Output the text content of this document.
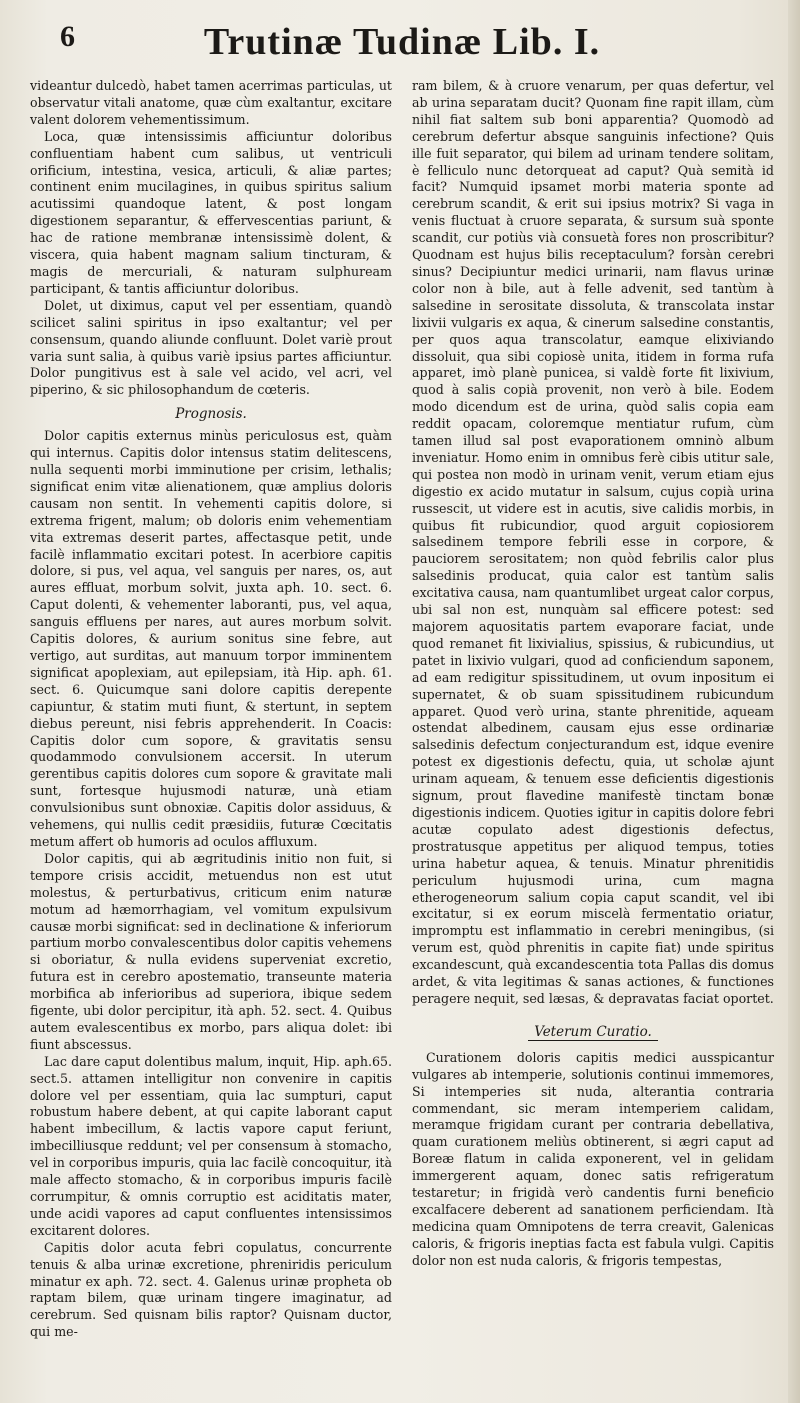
6	Trutinæ Tudinæ Lib. I.

videantur dulcedò, habet tamen acerrimas particulas, ut observatur vitali anatome, quæ cùm exaltantur, excitare valent dolorem vehementissimum.

Loca, quæ intensissimis afficiuntur doloribus confluentiam habent cum salibus, ut ventriculi orificium, intestina, vesica, articuli, & aliæ partes; continent enim mucilagines, in quibus spiritus salium acutissimi quandoque latent, & post longam digestionem separantur, & effervescentias pariunt, & hac de ratione membranæ intensissimè dolent, & viscera, quia habent magnam salium tincturam, & magis de mercuriali, & naturam sulphuream participant, & tantis afficiuntur doloribus.

Dolet, ut diximus, caput vel per essentiam, quandò scilicet salini spiritus in ipso exaltantur; vel per consensum, quando aliunde confluunt. Dolet variè prout varia sunt salia, à quibus variè ipsius partes afficiuntur. Dolor pungitivus est à sale vel acido, vel acri, vel piperino, & sic philosophandum de cœteris.

Prognosis.

Dolor capitis externus minùs periculosus est, quàm qui internus. Capitis dolor intensus statim delitescens, nulla sequenti morbi imminutione per crisim, lethalis; significat enim vitæ alienationem, quæ amplius doloris causam non sentit. In vehementi capitis dolore, si extrema frigent, malum; ob doloris enim vehementiam vita extremas deserit partes, affectasque petit, unde facilè inflammatio excitari potest. In acerbiore capitis dolore, si pus, vel aqua, vel sanguis per nares, os, aut aures effluat, morbum solvit, juxta aph. 10. sect. 6. Caput dolenti, & vehementer laboranti, pus, vel aqua, sanguis effluens per nares, aut aures morbum solvit. Capitis dolores, & aurium sonitus sine febre, aut vertigo, aut surditas, aut manuum torpor imminentem significat apoplexiam, aut epilepsiam, ità Hip. aph. 61. sect. 6. Quicumque sani dolore capitis derepente capiuntur, & statim muti fiunt, & stertunt, in septem diebus pereunt, nisi febris apprehenderit. In Coacis: Capitis dolor cum sopore, & gravitatis sensu quodammodo convulsionem accersit. In uterum gerentibus capitis dolores cum sopore & gravitate mali sunt, fortesque hujusmodi naturæ, unà etiam convulsionibus sunt obnoxiæ. Capitis dolor assiduus, & vehemens, qui nullis cedit præsidiis, futuræ Cœcitatis metum affert ob humoris ad oculos affluxum.

Dolor capitis, qui ab ægritudinis initio non fuit, si tempore crisis accidit, metuendus non est utut molestus, & perturbativus, criticum enim naturæ motum ad hæmorrhagiam, vel vomitum expulsivum causæ morbi significat: sed in declinatione & inferiorum partium morbo convalescentibus dolor capitis vehemens si oboriatur, & nulla evidens superveniat excretio, futura est in cerebro apostematio, transeunte materia morbifica ab inferioribus ad superiora, ibique sedem figente, ubi dolor percipitur, ità aph. 52. sect. 4. Quibus autem evalescentibus ex morbo, pars aliqua dolet: ibi fiunt abscessus.

Lac dare caput dolentibus malum, inquit, Hip. aph.65. sect.5. attamen intelligitur non convenire in capitis dolore vel per essentiam, quia lac sumpturi, caput robustum habere debent, at qui capite laborant caput habent imbecillum, & lactis vapore caput feriunt, imbecilliusque reddunt; vel per consensum à stomacho, vel in corporibus impuris, quia lac facilè concoquitur, ità male affecto stomacho, & in corporibus impuris facilè corrumpitur, & omnis corruptio est aciditatis mater, unde acidi vapores ad caput confluentes intensissimos excitarent dolores.

Capitis dolor acuta febri copulatus, concurrente tenuis & alba urinæ excretione, phreniridis periculum minatur ex aph. 72. sect. 4. Galenus urinæ propheta ob raptam bilem, quæ urinam tingere imaginatur, ad cerebrum. Sed quisnam bilis raptor? Quisnam ductor, qui me-

ram bilem, & à cruore venarum, per quas defertur, vel ab urina separatam ducit? Quonam fine rapit illam, cùm nihil fiat saltem sub boni apparentia? Quomodò ad cerebrum defertur absque sanguinis infectione? Quis ille fuit separator, qui bilem ad urinam tendere solitam, è felliculo nunc detorqueat ad caput? Quà semità id facit? Numquid ipsamet morbi materia sponte ad cerebrum scandit, & erit sui ipsius motrix? Si vaga in venis fluctuat à cruore separata, & sursum suà sponte scandit, cur potiùs vià consuetà fores non proscribitur? Quodnam est hujus bilis receptaculum? forsàn cerebri sinus? Decipiuntur medici urinarii, nam flavus urinæ color non à bile, aut à felle advenit, sed tantùm à salsedine in serositate dissoluta, & transcolata instar lixivii vulgaris ex aqua, & cinerum salsedine constantis, per quos aqua transcolatur, eamque elixiviando dissoluit, qua sibi copiosè unita, itidem in forma rufa apparet, imò planè punicea, si valdè forte fit lixivium, quod à salis copià provenit, non verò à bile. Eodem modo dicendum est de urina, quòd salis copia eam reddit opacam, coloremque mentiatur rufum, cùm tamen illud sal post evaporationem omninò album inveniatur. Homo enim in omnibus ferè cibis utitur sale, qui postea non modò in urinam venit, verum etiam ejus digestio ex acido mutatur in salsum, cujus copià urina russescit, ut videre est in acutis, sive calidis morbis, in quibus fit rubicundior, quod arguit copiosiorem salsedinem tempore febrili esse in corpore, & pauciorem serositatem; non quòd febrilis calor plus salsedinis producat, quia calor est tantùm salis excitativa causa, nam quantumlibet urgeat calor corpus, ubi sal non est, nunquàm sal efficere potest: sed majorem aquositatis partem evaporare faciat, unde quod remanet fit lixivialius, spissius, & rubicundius, ut patet in lixivio vulgari, quod ad conficiendum saponem, ad eam redigitur spissitudinem, ut ovum inpositum ei supernatet, & ob suam spissitudinem rubicundum apparet. Quod verò urina, stante phrenitide, aqueam ostendat albedinem, causam ejus esse ordinariæ salsedinis defectum conjecturandum est, idque evenire potest ex digestionis defectu, quia, ut scholæ ajunt urinam aqueam, & tenuem esse deficientis digestionis signum, prout flavedine manifestè tinctam bonæ digestionis indicem. Quoties igitur in capitis dolore febri acutæ copulato adest digestionis defectus, prostratusque appetitus per aliquod tempus, toties urina habetur aquea, & tenuis. Minatur phrenitidis periculum hujusmodi urina, cum magna etherogeneorum salium copia caput scandit, vel ibi excitatur, si ex eorum miscelà fermentatio oriatur, impromptu est inflammatio in cerebri meningibus, (si verum est, quòd phrenitis in capite fiat) unde spiritus excandescunt, quà excandescentia tota Pallas dis domus ardet, & vita legitimas & sanas actiones, & functiones peragere nequit, sed læsas, & depravatas faciat oportet.

Veterum Curatio.

Curationem doloris capitis medici ausspicantur vulgares ab intemperie, solutionis continui immemores, Si intemperies sit nuda, alterantia contraria commendant, sic meram intemperiem calidam, meramque frigidam curant per contraria debellativa, quam curationem meliùs obtinerent, si ægri caput ad Boreæ flatum in calida exponerent, vel in gelidam immergerent aquam, donec satis refrigeratum testaretur; in frigidà verò candentis furni beneficio excalfacere deberent ad sanationem perficiendam. Ità medicina quam Omnipotens de terra creavit, Galenicas caloris, & frigoris ineptias facta est fabula vulgi. Capitis dolor non est nuda caloris, & frigoris tempestas,
